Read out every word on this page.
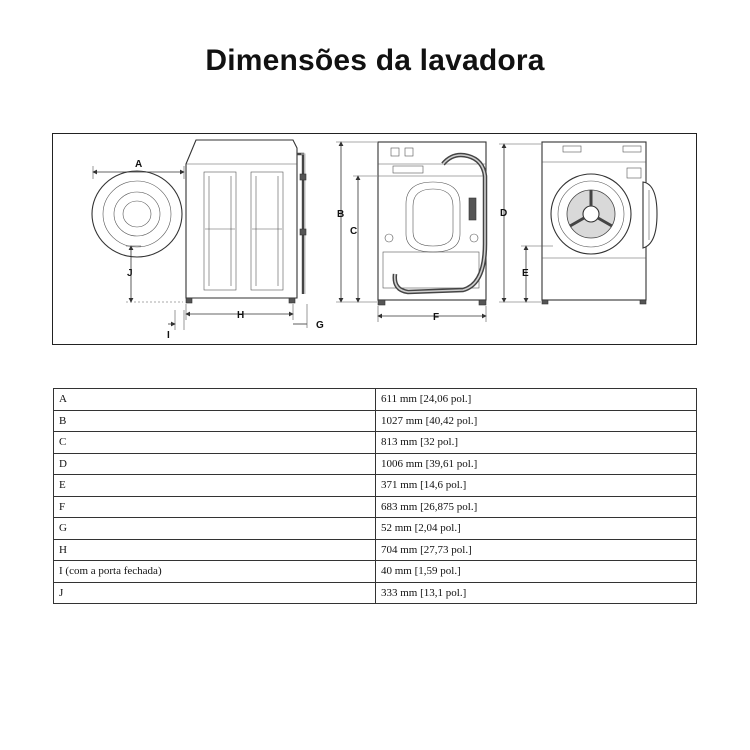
Dimensões da lavadora
A
J
H
G
I
B
C
F
D
E
A	611 mm [24,06 pol.]
B	1027 mm [40,42 pol.]
C	813 mm [32 pol.]
D	1006 mm [39,61 pol.]
E	371 mm [14,6 pol.]
F	683 mm [26,875 pol.]
G	52 mm [2,04 pol.]
H	704 mm [27,73 pol.]
I (com a porta fechada)	40 mm [1,59 pol.]
J	333 mm [13,1 pol.]
